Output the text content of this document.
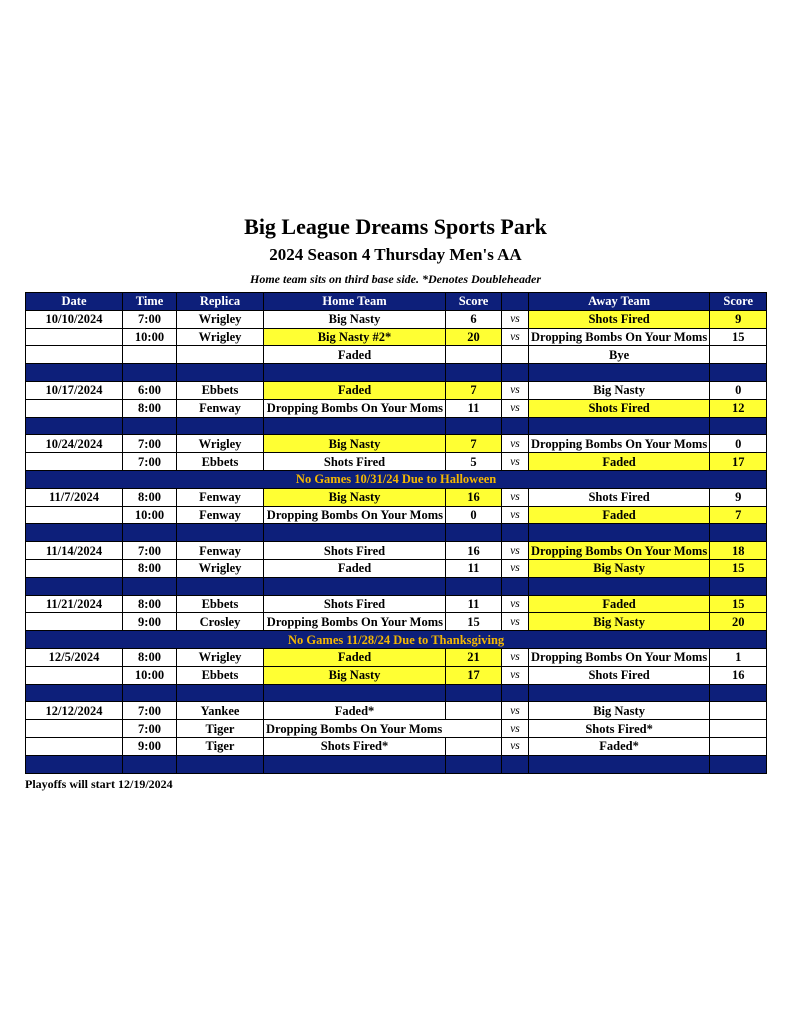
Big League Dreams Sports Park
2024 Season 4 Thursday Men's AA
Home team sits on third base side. *Denotes Doubleheader
Date	Time	Replica	Home Team	Score		Away Team	Score
10/10/2024	7:00	Wrigley	Big Nasty	6	vs	Shots Fired	9
	10:00	Wrigley	Big Nasty #2*	20	vs	Dropping Bombs On Your Moms	15
			Faded			Bye	

10/17/2024	6:00	Ebbets	Faded	7	vs	Big Nasty	0
	8:00	Fenway	Dropping Bombs On Your Moms	11	vs	Shots Fired	12

10/24/2024	7:00	Wrigley	Big Nasty	7	vs	Dropping Bombs On Your Moms	0
	7:00	Ebbets	Shots Fired	5	vs	Faded	17
No Games 10/31/24 Due to Halloween							
11/7/2024	8:00	Fenway	Big Nasty	16	vs	Shots Fired	9
	10:00	Fenway	Dropping Bombs On Your Moms	0	vs	Faded	7

11/14/2024	7:00	Fenway	Shots Fired	16	vs	Dropping Bombs On Your Moms	18
	8:00	Wrigley	Faded	11	vs	Big Nasty	15

11/21/2024	8:00	Ebbets	Shots Fired	11	vs	Faded	15
	9:00	Crosley	Dropping Bombs On Your Moms	15	vs	Big Nasty	20
No Games 11/28/24 Due to Thanksgiving							
12/5/2024	8:00	Wrigley	Faded	21	vs	Dropping Bombs On Your Moms	1
	10:00	Ebbets	Big Nasty	17	vs	Shots Fired	16

12/12/2024	7:00	Yankee	Faded*		vs	Big Nasty	
	7:00	Tiger	Dropping Bombs On Your Moms		vs	Shots Fired*	
	9:00	Tiger	Shots Fired*		vs	Faded*	

Playoffs will start 12/19/2024
